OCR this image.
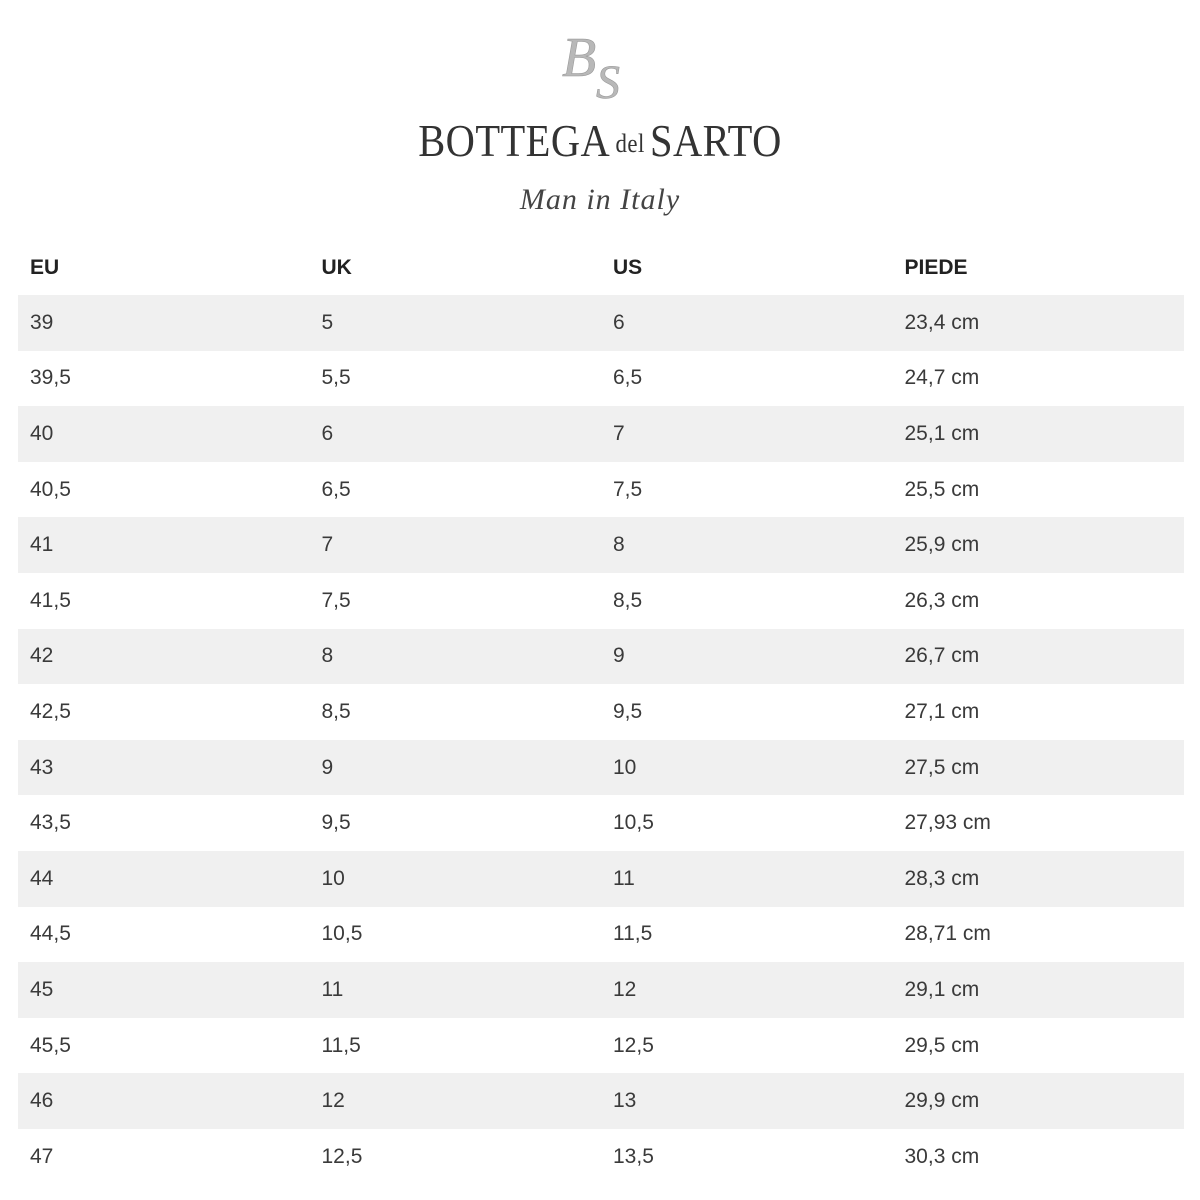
B S
BOTTEGA del SARTO
Man in Italy
EU	UK	US	PIEDE
39	5	6	23,4 cm
39,5	5,5	6,5	24,7 cm
40	6	7	25,1 cm
40,5	6,5	7,5	25,5 cm
41	7	8	25,9 cm
41,5	7,5	8,5	26,3 cm
42	8	9	26,7 cm
42,5	8,5	9,5	27,1 cm
43	9	10	27,5 cm
43,5	9,5	10,5	27,93 cm
44	10	11	28,3 cm
44,5	10,5	11,5	28,71 cm
45	11	12	29,1 cm
45,5	11,5	12,5	29,5 cm
46	12	13	29,9 cm
47	12,5	13,5	30,3 cm
